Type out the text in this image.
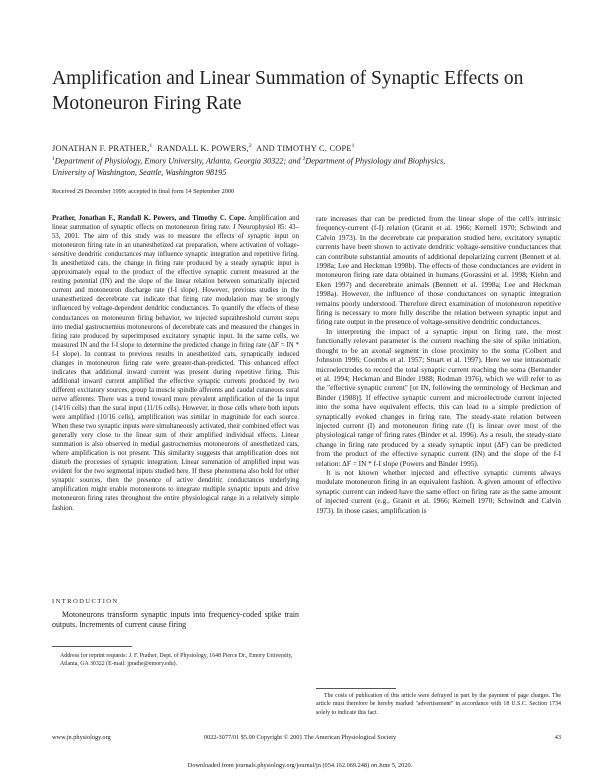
Amplification and Linear Summation of Synaptic Effects on
Motoneuron Firing Rate
JONATHAN F. PRATHER,$^1$ RANDALL K. POWERS,$^2$ AND TIMOTHY C. COPE$^1$
$^1$Department of Physiology, Emory University, Atlanta, Georgia 30322; and $^2$Department of Physiology and Biophysics,
University of Washington, Seattle, Washington 98195
Received 29 December 1999; accepted in final form 14 September 2000

Prather, Jonathan F., Randall K. Powers, and Timothy C. Cope. Amplification and linear summation of synaptic effects on motoneuron firing rate. J Neurophysiol 85: 43–53, 2001. The aim of this study was to measure the effects of synaptic input on motoneuron firing rate in an unanesthetized cat preparation, where activation of voltage-sensitive dendritic conductances may influence synaptic integration and repetitive firing. In anesthetized cats, the change in firing rate produced by a steady synaptic input is approximately equal to the product of the effective synaptic current measured at the resting potential (IN) and the slope of the linear relation between somatically injected current and motoneuron discharge rate (f-I slope). However, previous studies in the unanesthetized decerebrate cat indicate that firing rate modulation may be strongly influenced by voltage-dependent dendritic conductances. To quantify the effects of these conductances on motoneuron firing behavior, we injected suprathreshold current steps into medial gastrocnemius motoneurons of decerebrate cats and measured the changes in firing rate produced by superimposed excitatory synaptic input. In the same cells, we measured IN and the f-I slope to determine the predicted change in firing rate (ΔF = IN * f-I slope). In contrast to previous results in anesthetized cats, synaptically induced changes in motoneuron firing rate were greater-than-predicted. This enhanced effect indicates that additional inward current was present during repetitive firing. This additional inward current amplified the effective synaptic currents produced by two different excitatory sources, group Ia muscle spindle afferents and caudal cutaneous sural nerve afferents. There was a trend toward more prevalent amplification of the Ia input (14/16 cells) than the sural input (11/16 cells). However, in those cells where both inputs were amplified (10/16 cells), amplification was similar in magnitude for each source. When these two synaptic inputs were simultaneously activated, their combined effect was generally very close to the linear sum of their amplified individual effects. Linear summation is also observed in medial gastrocnemius motoneurons of anesthetized cats, where amplification is not present. This similarity suggests that amplification does not disturb the processes of synaptic integration. Linear summation of amplified input was evident for the two segmental inputs studied here. If these phenomena also hold for other synaptic sources, then the presence of active dendritic conductances underlying amplification might enable motoneurons to integrate multiple synaptic inputs and drive motoneuron firing rates throughout the entire physiological range in a relatively simple fashion.

INTRODUCTION
Motoneurons transform synaptic inputs into frequency-coded spike train outputs. Increments of current cause firing
Address for reprint requests: J. F. Prather, Dept. of Physiology, 1648 Pierce Dr., Emory University, Atlanta, GA 30322 (E-mail: jprathe@emory.edu).

rate increases that can be predicted from the linear slope of the cell's intrinsic frequency-current (f-I) relation (Granit et al. 1966; Kernell 1970; Schwindt and Calvin 1973). In the decerebrate cat preparation studied here, excitatory synaptic currents have been shown to activate dendritic voltage-sensitive conductances that can contribute substantial amounts of additional depolarizing current (Bennett et al. 1998a; Lee and Heckman 1998b). The effects of those conductances are evident in motoneuron firing rate data obtained in humans (Gorassini et al. 1998; Kiehn and Eken 1997) and decerebrate animals (Bennett et al. 1998a; Lee and Heckman 1998a). However, the influence of those conductances on synaptic integration remains poorly understood. Therefore direct examination of motoneuron repetitive firing is necessary to more fully describe the relation between synaptic input and firing rate output in the presence of voltage-sensitive dendritic conductances.

In interpreting the impact of a synaptic input on firing rate, the most functionally relevant parameter is the current reaching the site of spike initiation, thought to be an axonal segment in close proximity to the soma (Colbert and Johnston 1996; Coombs et al. 1957; Stuart et al. 1997). Here we use intrasomatic microelectrodes to record the total synaptic current reaching the soma (Bernander et al. 1994; Heckman and Binder 1988; Rodman 1976), which we will refer to as the "effective synaptic current" [or IN, following the terminology of Heckman and Binder (1988)]. If effective synaptic current and microelectrode current injected into the soma have equivalent effects, this can lead to a simple prediction of synaptically evoked changes in firing rate. The steady-state relation between injected current (I) and motoneuron firing rate (f) is linear over most of the physiological range of firing rates (Binder et al. 1996). As a result, the steady-state change in firing rate produced by a steady synaptic input (ΔF) can be predicted from the product of the effective synaptic current (IN) and the slope of the f-I relation: ΔF = IN * f-I slope (Powers and Binder 1995).

It is not known whether injected and effective synaptic currents always modulate motoneuron firing in an equivalent fashion. A given amount of effective synaptic current can indeed have the same effect on firing rate as the same amount of injected current (e.g., Granit et al. 1966; Kernell 1970; Schwindt and Calvin 1973). In those cases, amplification is

The costs of publication of this article were defrayed in part by the payment of page charges. The article must therefore be hereby marked "advertisement" in accordance with 18 U.S.C. Section 1734 solely to indicate this fact.
www.jn.physiology.org	0022-3077/01 $5.00 Copyright © 2001 The American Physiological Society	43
Downloaded from journals.physiology.org/journal/jn (054.162.069.248) on June 5, 2020.
